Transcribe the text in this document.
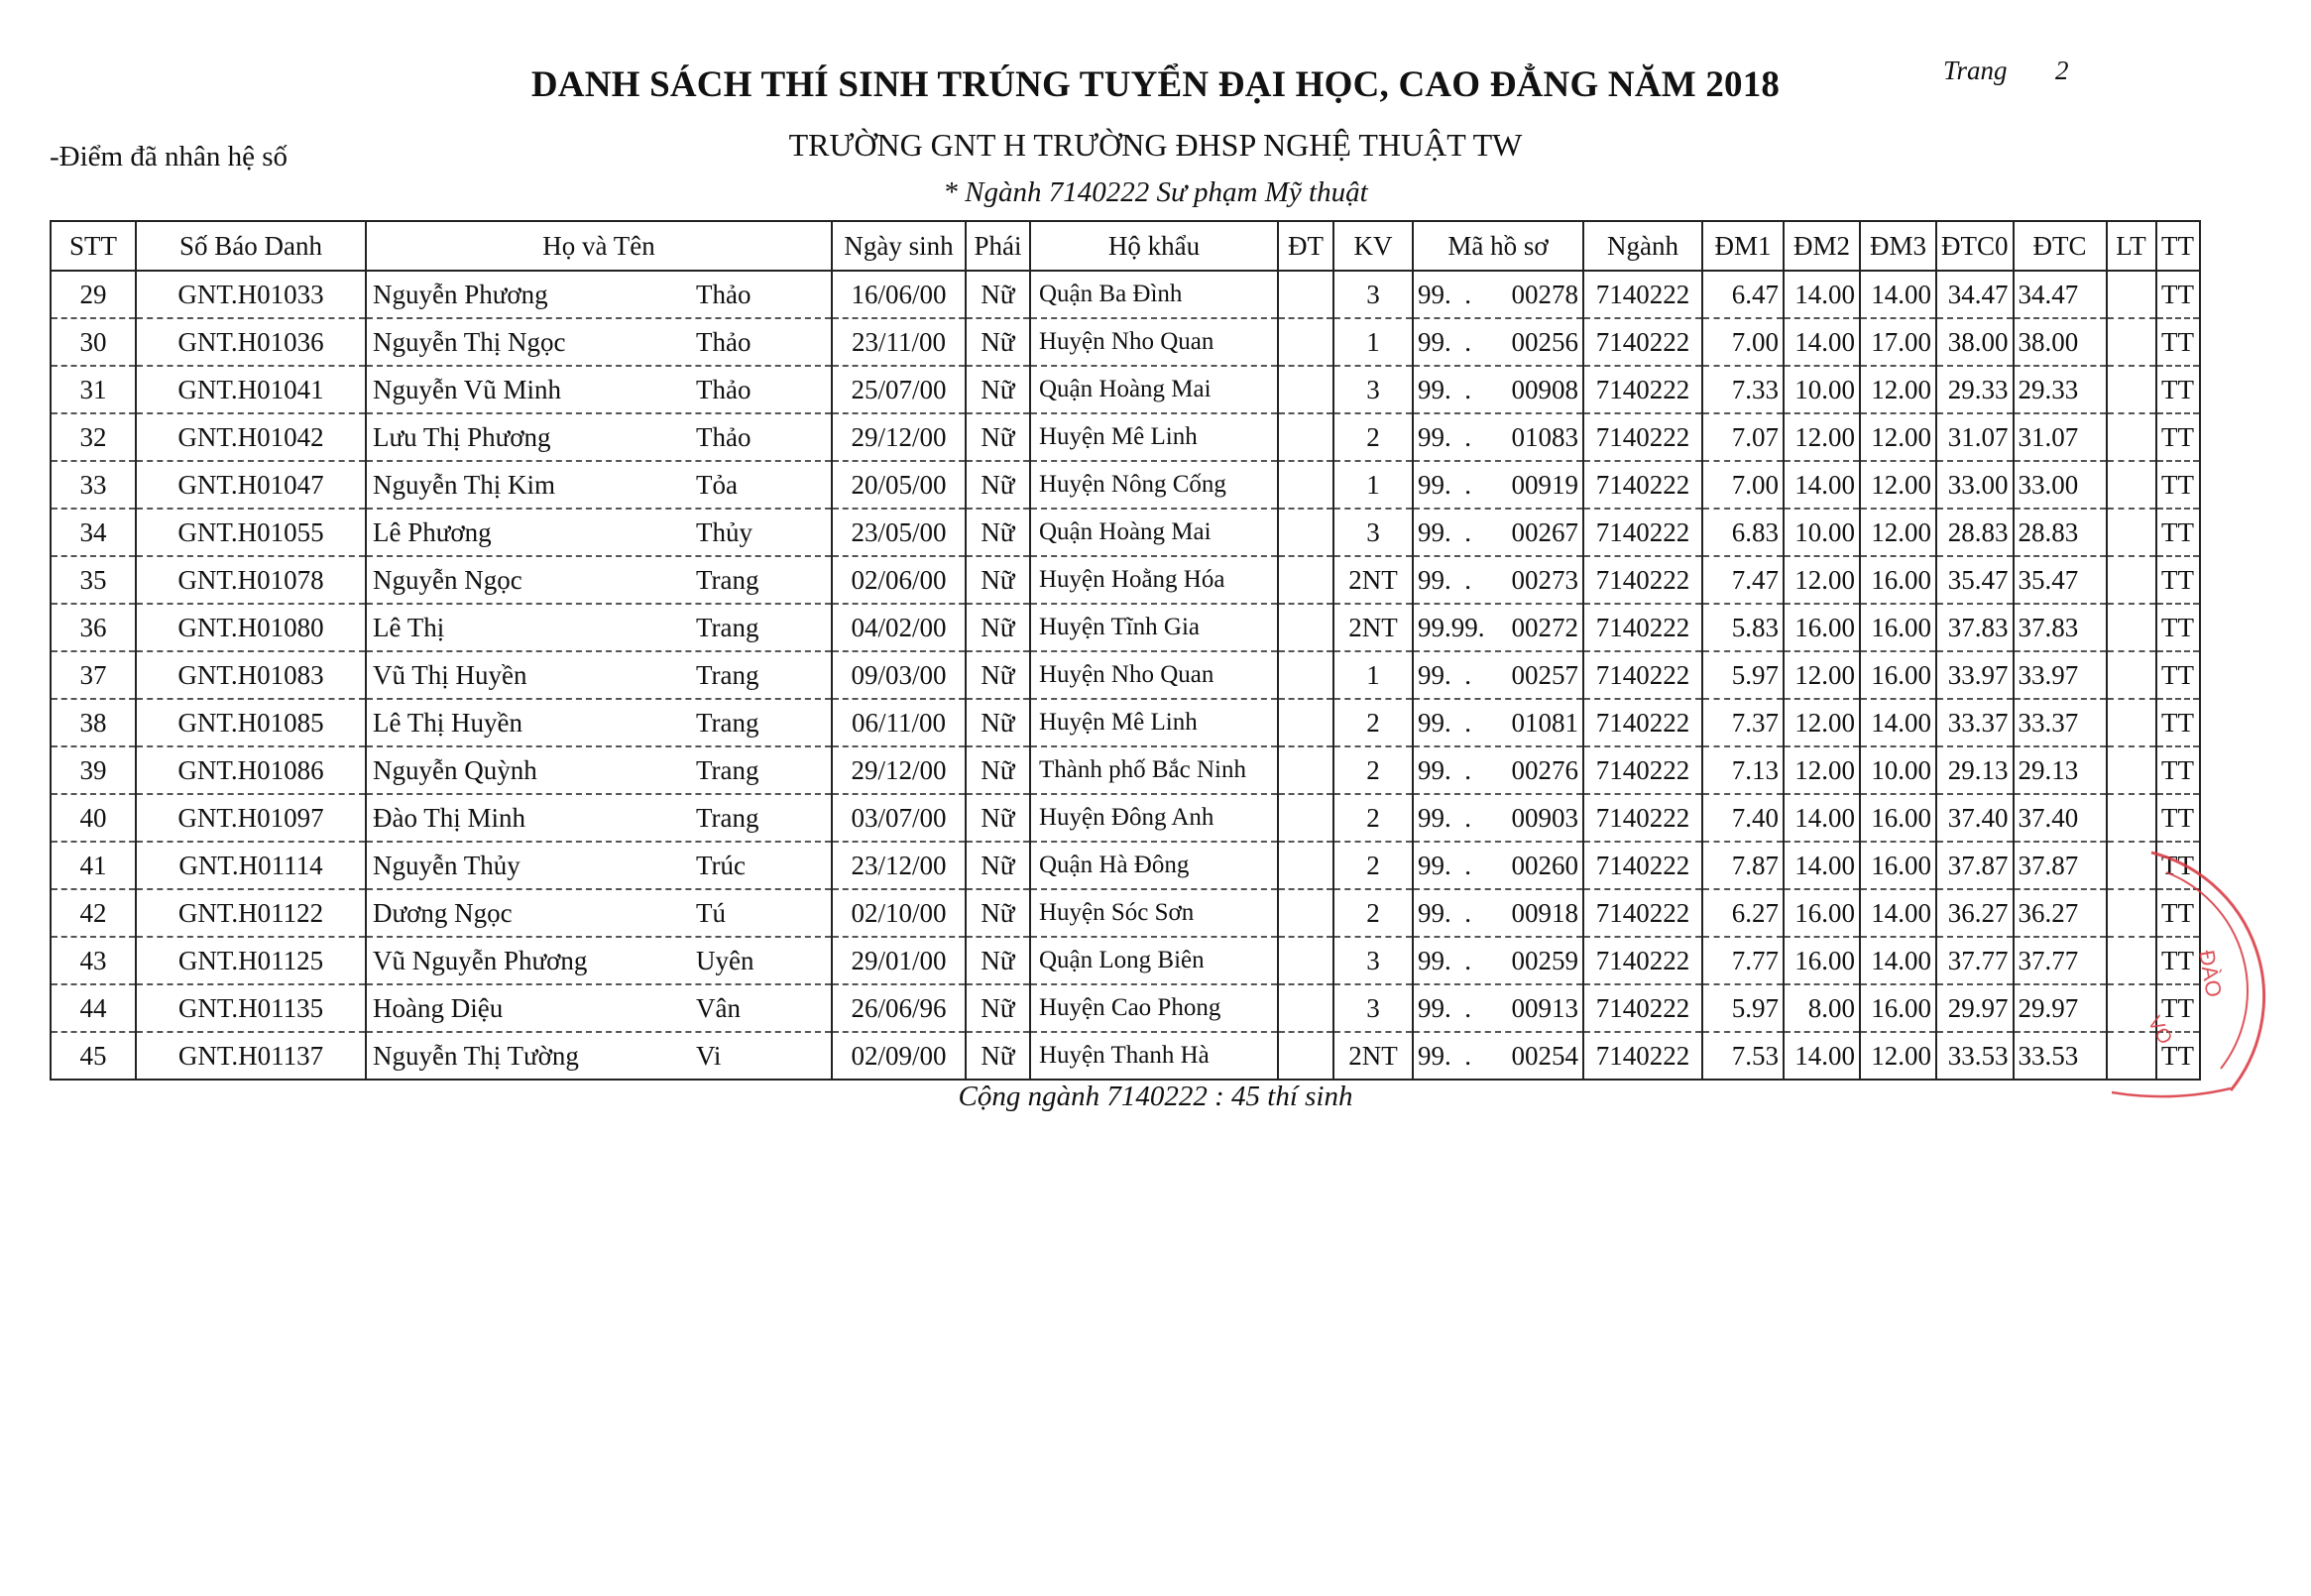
DANH SÁCH THÍ SINH TRÚNG TUYỂN ĐẠI HỌC, CAO ĐẲNG NĂM 2018	Trang 2
-Điểm đã nhân hệ số	TRƯỜNG GNT H TRƯỜNG ĐHSP NGHỆ THUẬT TW
* Ngành 7140222 Sư phạm Mỹ thuật
STT	Số Báo Danh	Họ và Tên	Ngày sinh	Phái	Hộ khẩu	ĐT	KV	Mã hồ sơ	Ngành	ĐM1	ĐM2	ĐM3	ĐTC0	ĐTC	LT	TT
29	GNT.H01033	Nguyễn Phương Thảo	16/06/00	Nữ	Quận Ba Đình		3	99.  . 00278	7140222	6.47	14.00	14.00	34.47	34.47		TT
30	GNT.H01036	Nguyễn Thị Ngọc Thảo	23/11/00	Nữ	Huyện Nho Quan		1	99.  . 00256	7140222	7.00	14.00	17.00	38.00	38.00		TT
31	GNT.H01041	Nguyễn Vũ Minh Thảo	25/07/00	Nữ	Quận Hoàng Mai		3	99.  . 00908	7140222	7.33	10.00	12.00	29.33	29.33		TT
32	GNT.H01042	Lưu Thị Phương Thảo	29/12/00	Nữ	Huyện Mê Linh		2	99.  . 01083	7140222	7.07	12.00	12.00	31.07	31.07		TT
33	GNT.H01047	Nguyễn Thị Kim Tỏa	20/05/00	Nữ	Huyện Nông Cống		1	99.  . 00919	7140222	7.00	14.00	12.00	33.00	33.00		TT
34	GNT.H01055	Lê Phương Thủy	23/05/00	Nữ	Quận Hoàng Mai		3	99.  . 00267	7140222	6.83	10.00	12.00	28.83	28.83		TT
35	GNT.H01078	Nguyễn Ngọc Trang	02/06/00	Nữ	Huyện Hoằng Hóa		2NT	99.  . 00273	7140222	7.47	12.00	16.00	35.47	35.47		TT
36	GNT.H01080	Lê Thị Trang	04/02/00	Nữ	Huyện Tĩnh Gia		2NT	99.99. 00272	7140222	5.83	16.00	16.00	37.83	37.83		TT
37	GNT.H01083	Vũ Thị Huyền Trang	09/03/00	Nữ	Huyện Nho Quan		1	99.  . 00257	7140222	5.97	12.00	16.00	33.97	33.97		TT
38	GNT.H01085	Lê Thị Huyền Trang	06/11/00	Nữ	Huyện Mê Linh		2	99.  . 01081	7140222	7.37	12.00	14.00	33.37	33.37		TT
39	GNT.H01086	Nguyễn Quỳnh Trang	29/12/00	Nữ	Thành phố Bắc Ninh		2	99.  . 00276	7140222	7.13	12.00	10.00	29.13	29.13		TT
40	GNT.H01097	Đào Thị Minh Trang	03/07/00	Nữ	Huyện Đông Anh		2	99.  . 00903	7140222	7.40	14.00	16.00	37.40	37.40		TT
41	GNT.H01114	Nguyễn Thủy Trúc	23/12/00	Nữ	Quận Hà Đông		2	99.  . 00260	7140222	7.87	14.00	16.00	37.87	37.87		TT
42	GNT.H01122	Dương Ngọc Tú	02/10/00	Nữ	Huyện Sóc Sơn		2	99.  . 00918	7140222	6.27	16.00	14.00	36.27	36.27		TT
43	GNT.H01125	Vũ Nguyễn Phương Uyên	29/01/00	Nữ	Quận Long Biên		3	99.  . 00259	7140222	7.77	16.00	14.00	37.77	37.77		TT
44	GNT.H01135	Hoàng Diệu Vân	26/06/96	Nữ	Huyện Cao Phong		3	99.  . 00913	7140222	5.97	8.00	16.00	29.97	29.97		TT
45	GNT.H01137	Nguyễn Thị Tường Vi	02/09/00	Nữ	Huyện Thanh Hà		2NT	99.  . 00254	7140222	7.53	14.00	12.00	33.53	33.53		TT
Cộng ngành 7140222 : 45 thí sinh
ĐÀO
VO
